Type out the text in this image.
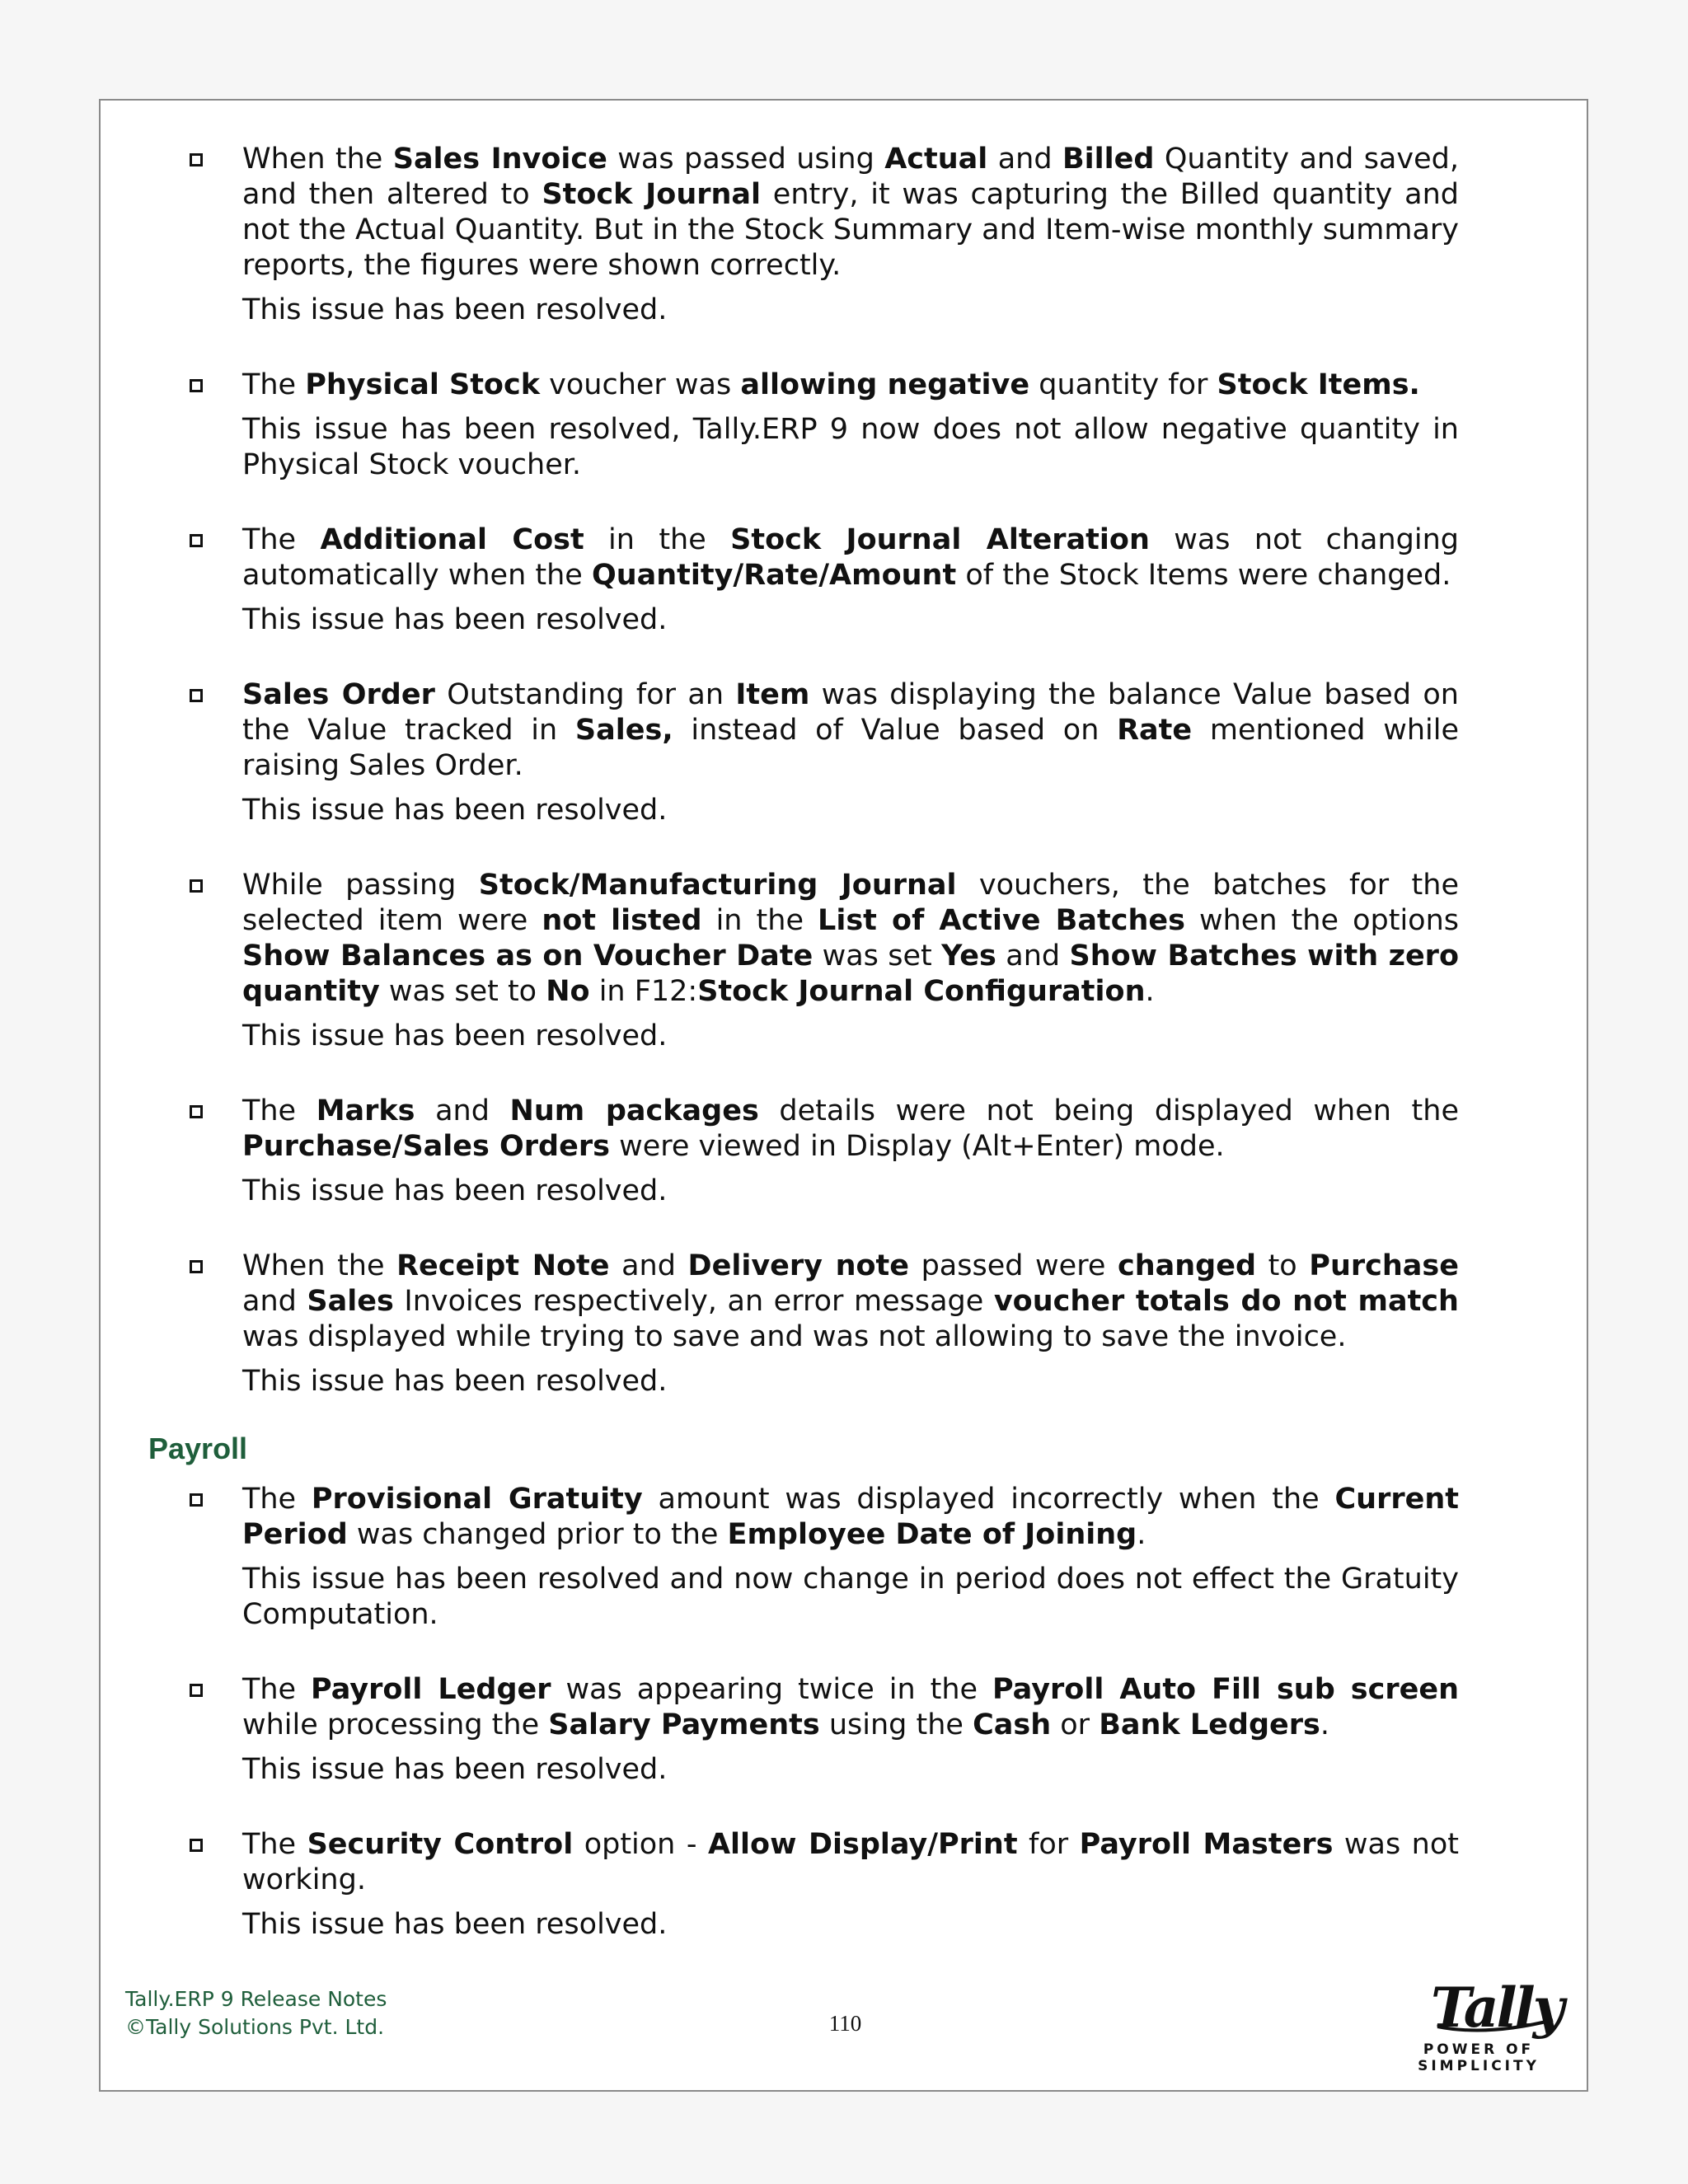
When the Sales Invoice was passed using Actual and Billed Quantity and saved, and then altered to Stock Journal entry, it was capturing the Billed quantity and not the Actual Quantity. But in the Stock Summary and Item-wise monthly summary reports, the figures were shown correctly.

This issue has been resolved.

The Physical Stock voucher was allowing negative quantity for Stock Items.

This issue has been resolved, Tally.ERP 9 now does not allow negative quantity in Physical Stock voucher.

The Additional Cost in the Stock Journal Alteration was not changing automatically when the Quantity/Rate/Amount of the Stock Items were changed.

This issue has been resolved.

Sales Order Outstanding for an Item was displaying the balance Value based on the Value tracked in Sales, instead of Value based on Rate mentioned while raising Sales Order.

This issue has been resolved.

While passing Stock/Manufacturing Journal vouchers, the batches for the selected item were not listed in the List of Active Batches when the options Show Balances as on Voucher Date was set Yes and Show Batches with zero quantity was set to No in F12:Stock Journal Configuration.

This issue has been resolved.

The Marks and Num packages details were not being displayed when the Purchase/Sales Orders were viewed in Display (Alt+Enter) mode.

This issue has been resolved.

When the Receipt Note and Delivery note passed were changed to Purchase and Sales Invoices respectively, an error message voucher totals do not match was displayed while trying to save and was not allowing to save the invoice.

This issue has been resolved.

Payroll

The Provisional Gratuity amount was displayed incorrectly when the Current Period was changed prior to the Employee Date of Joining.

This issue has been resolved and now change in period does not effect the Gratuity Computation.

The Payroll Ledger was appearing twice in the Payroll Auto Fill sub screen while processing the Salary Payments using the Cash or Bank Ledgers.

This issue has been resolved.

The Security Control option - Allow Display/Print for Payroll Masters was not working.

This issue has been resolved.

Tally.ERP 9 Release Notes
©Tally Solutions Pvt. Ltd.	110	Tally
POWER OF SIMPLICITY
